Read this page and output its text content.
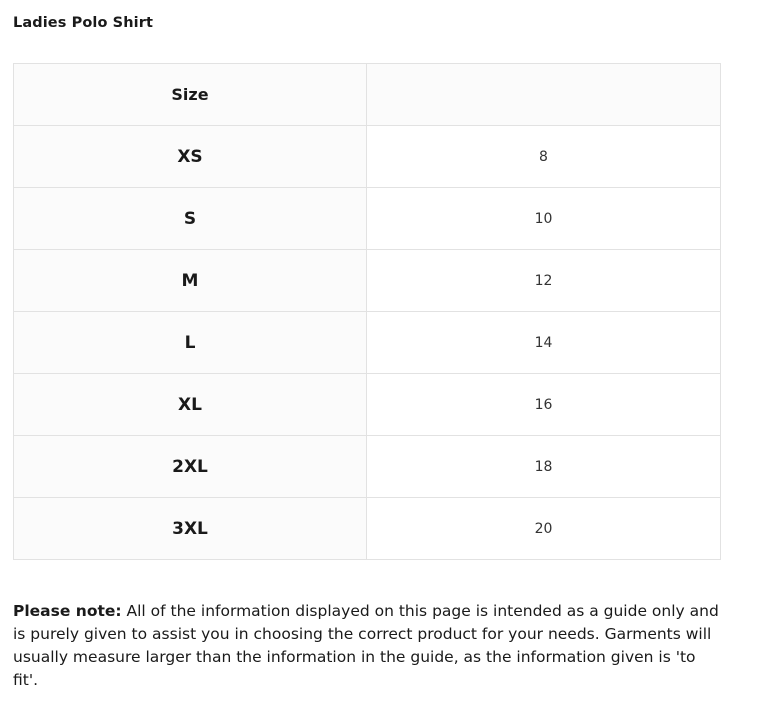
Ladies Polo Shirt
Size	
XS	8
S	10
M	12
L	14
XL	16
2XL	18
3XL	20
Please note: All of the information displayed on this page is intended as a guide only and is purely given to assist you in choosing the correct product for your needs. Garments will usually measure larger than the information in the guide, as the information given is 'to fit'.
